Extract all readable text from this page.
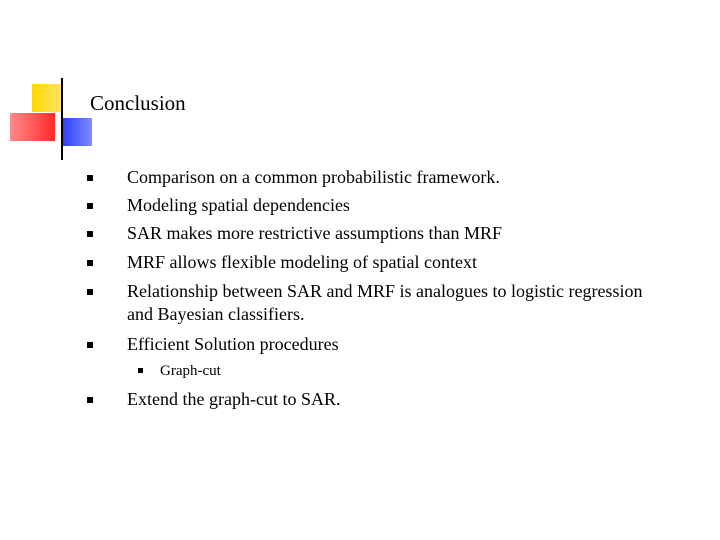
Conclusion
Comparison on a common probabilistic framework.
Modeling spatial dependencies
SAR makes more restrictive assumptions than MRF
MRF allows flexible modeling of spatial context
Relationship between SAR and MRF is analogues to logistic regression and Bayesian classifiers.
Efficient Solution procedures
Graph-cut
Extend the graph-cut to SAR.
